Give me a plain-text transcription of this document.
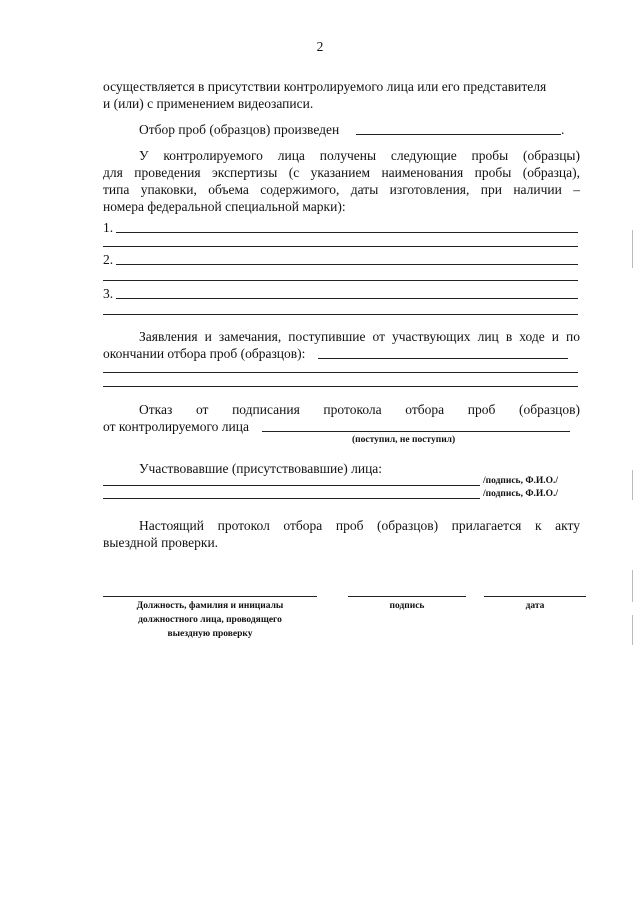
2
осуществляется в присутствии контролируемого лица или его представителя
и (или) с применением видеозаписи.
Отбор проб (образцов) произведен	.
У контролируемого лица получены следующие пробы (образцы)
для проведения экспертизы (с указанием наименования пробы (образца),
типа упаковки, объема содержимого, даты изготовления, при наличии –
номера федеральной специальной марки):
1.
2.
3.
Заявления и замечания, поступившие от участвующих лиц в ходе и по
окончании отбора проб (образцов):
Отказ от подписания протокола отбора проб (образцов)
от контролируемого лица
(поступил, не поступил)
Участвовавшие (присутствовавшие) лица:
/подпись, Ф.И.О./
/подпись, Ф.И.О./
Настоящий протокол отбора проб (образцов) прилагается к акту
выездной проверки.
Должность, фамилия и инициалы
должностного лица, проводящего
выездную проверку
подпись	дата
